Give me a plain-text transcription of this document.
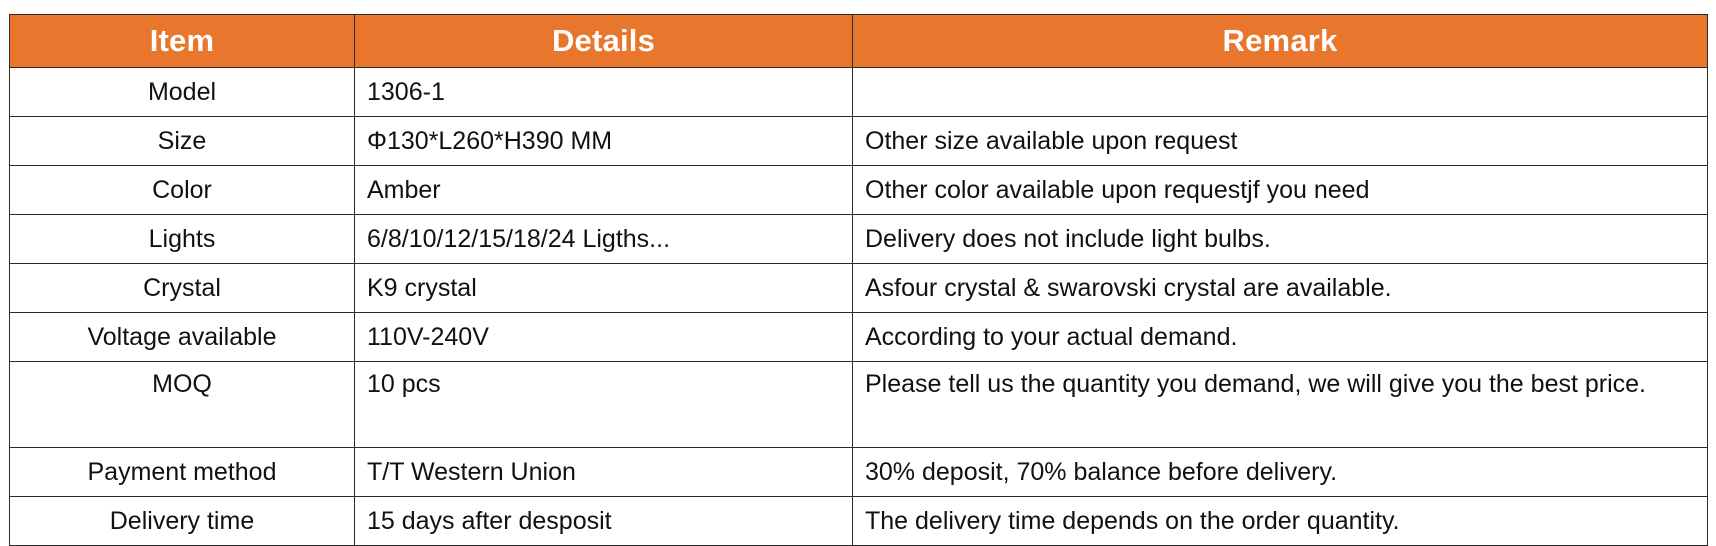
Item	Details	Remark
Model	1306-1	
Size	Φ130*L260*H390 MM	Other size available upon request
Color	Amber	Other color available upon requestjf you need
Lights	6/8/10/12/15/18/24 Ligths...	Delivery does not include light bulbs.
Crystal	K9 crystal	Asfour crystal & swarovski crystal are available.
Voltage available	110V-240V	According to your actual demand.
MOQ	10 pcs	Please tell us the quantity you demand, we will give you the best price.
Payment method	T/T Western Union	30% deposit, 70% balance before delivery.
Delivery time	15 days after desposit	The delivery time depends on the order quantity.
